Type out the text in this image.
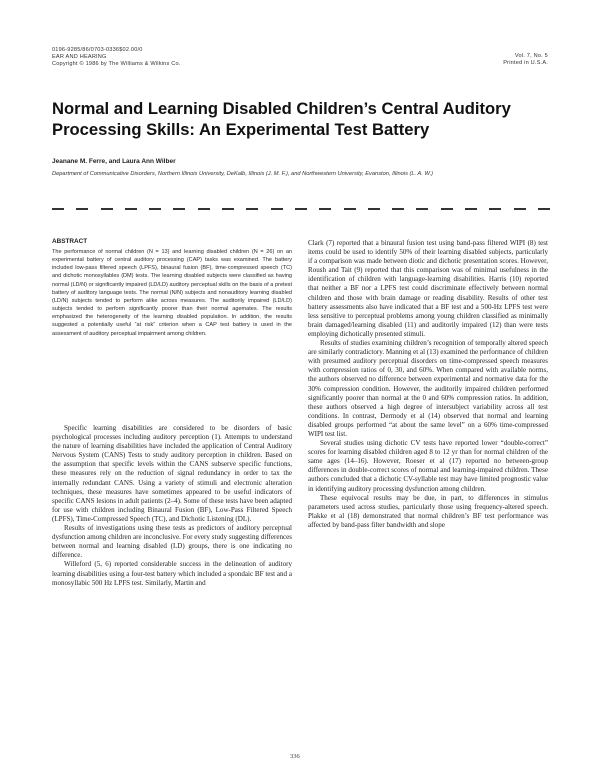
0196-9285/86/0703-0336$02.00/0
EAR AND HEARING
Copyright © 1986 by The Williams & Wilkins Co.
Vol. 7, No. 5
Printed in U.S.A.
Normal and Learning Disabled Children’s Central Auditory Processing Skills: An Experimental Test Battery
Jeanane M. Ferre, and Laura Ann Wilber
Department of Communicative Disorders, Northern Illinois University, DeKalb, Illinois (J. M. F.), and Northwestern University, Evanston, Illinois (L. A. W.)
ABSTRACT
The performance of normal children (N = 13) and learning disabled children (N = 26) on an experimental battery of central auditory processing (CAP) tasks was examined. The battery included low-pass filtered speech (LPFS), binaural fusion (BF), time-compressed speech (TC) and dichotic monosyllables (DM) tests. The learning disabled subjects were classified as having normal (LD/N) or significantly impaired (LD/LD) auditory perceptual skills on the basis of a pretest battery of auditory language tests. The normal (N/N) subjects and nonauditory learning disabled (LD/N) subjects tended to perform alike across measures. The auditorily impaired (LD/LD) subjects tended to perform significantly poorer than their normal agemates. The results emphasized the heterogeneity of the learning disabled population. In addition, the results suggested a potentially useful “at risk” criterion when a CAP test battery is used in the assessment of auditory perceptual impairment among children.

Specific learning disabilities are considered to be disorders of basic psychological processes including auditory perception (1). Attempts to understand the nature of learning disabilities have included the application of Central Auditory Nervous System (CANS) Tests to study auditory perception in children. Based on the assumption that specific levels within the CANS subserve specific functions, these measures rely on the reduction of signal redundancy in order to tax the internally redundant CANS. Using a variety of stimuli and electronic alteration techniques, these measures have sometimes appeared to be useful indicators of specific CANS lesions in adult patients (2–4). Some of these tests have been adapted for use with children including Binaural Fusion (BF), Low-Pass Filtered Speech (LPFS), Time-Compressed Speech (TC), and Dichotic Listening (DL).

Results of investigations using these tests as predictors of auditory perceptual dysfunction among children are inconclusive. For every study suggesting differences between normal and learning disabled (LD) groups, there is one indicating no difference.

Willeford (5, 6) reported considerable success in the delineation of auditory learning disabilities using a four-test battery which included a spondaic BF test and a monosyllabic 500 Hz LPFS test. Similarly, Martin and

Clark (7) reported that a binaural fusion test using band-pass filtered WIPI (8) test items could be used to identify 50% of their learning disabled subjects, particularly if a comparison was made between diotic and dichotic presentation scores. However, Roush and Tait (9) reported that this comparison was of minimal usefulness in the identification of children with language-learning disabilities. Harris (10) reported that neither a BF nor a LPFS test could discriminate effectively between normal children and those with brain damage or reading disability. Results of other test battery assessments also have indicated that a BF test and a 500-Hz LPFS test were less sensitive to perceptual problems among young children classified as minimally brain damaged/learning disabled (11) and auditorily impaired (12) than were tests employing dichotically presented stimuli.

Results of studies examining children’s recognition of temporally altered speech are similarly contradictory. Manning et al (13) examined the performance of children with presumed auditory perceptual disorders on time-compressed speech measures with compression ratios of 0, 30, and 60%. When compared with available norms, the authors observed no difference between experimental and normative data for the 30% compression condition. However, the auditorily impaired children performed significantly poorer than normal at the 0 and 60% compression ratios. In addition, these authors observed a high degree of intersubject variability across all test conditions. In contrast, Dermody et al (14) observed that normal and learning disabled groups performed “at about the same level” on a 60% time-compressed WIPI test list.

Several studies using dichotic CV tests have reported lower “double-correct” scores for learning disabled children aged 8 to 12 yr than for normal children of the same ages (14–16). However, Roeser et al (17) reported no between-group differences in double-correct scores of normal and learning-impaired children. These authors concluded that a dichotic CV-syllable test may have limited prognostic value in identifying auditory processing dysfunction among children.

These equivocal results may be due, in part, to differences in stimulus parameters used across studies, particularly those using frequency-altered speech. Plakke et al (18) demonstrated that normal children’s BF test performance was affected by band-pass filter bandwidth and slope

336
